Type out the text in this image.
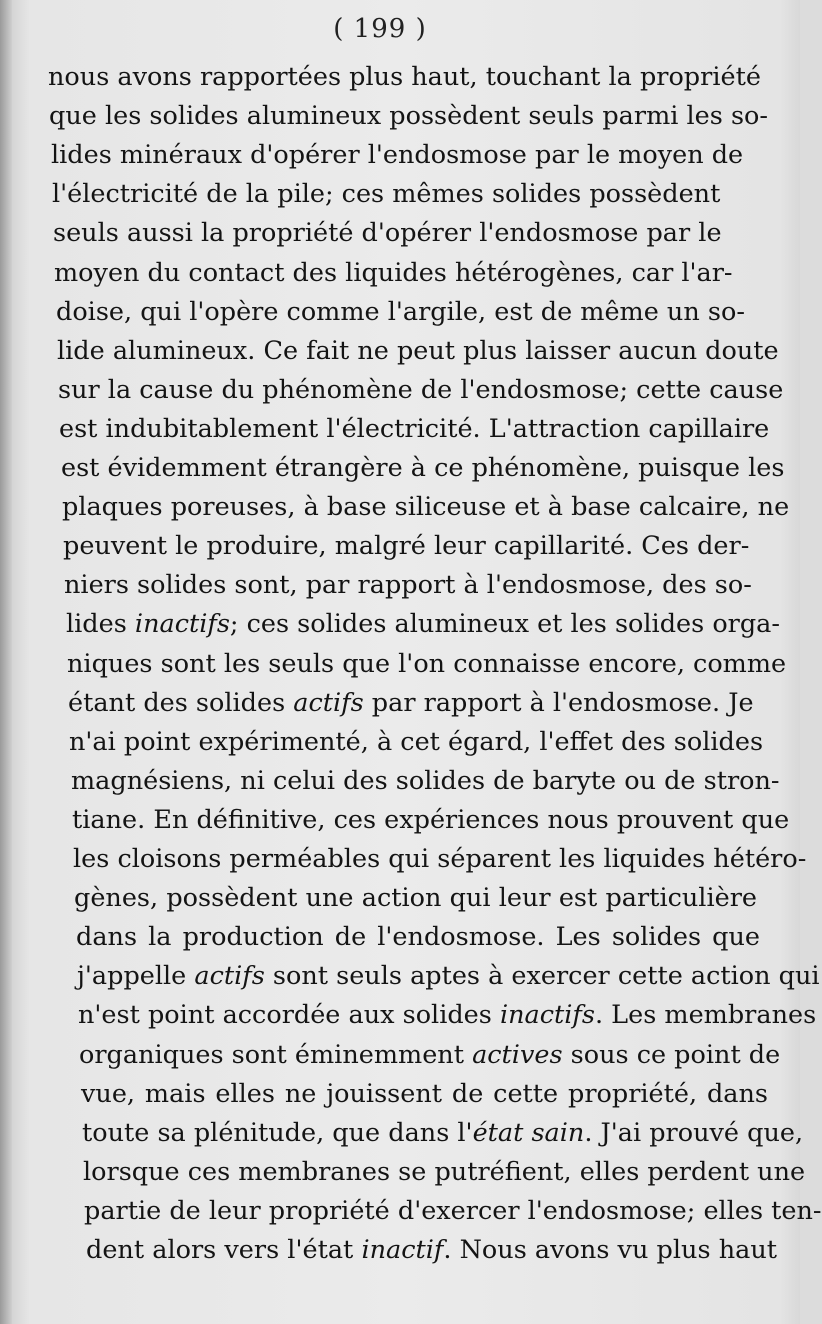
( 199 )
nous avons rapportées plus haut, touchant la propriété
que les solides alumineux possèdent seuls parmi les so-
lides minéraux d'opérer l'endosmose par le moyen de
l'électricité de la pile; ces mêmes solides possèdent
seuls aussi la propriété d'opérer l'endosmose par le
moyen du contact des liquides hétérogènes, car l'ar-
doise, qui l'opère comme l'argile, est de même un so-
lide alumineux. Ce fait ne peut plus laisser aucun doute
sur la cause du phénomène de l'endosmose; cette cause
est indubitablement l'électricité. L'attraction capillaire
est évidemment étrangère à ce phénomène, puisque les
plaques poreuses, à base siliceuse et à base calcaire, ne
peuvent le produire, malgré leur capillarité. Ces der-
niers solides sont, par rapport à l'endosmose, des so-
lides inactifs; ces solides alumineux et les solides orga-
niques sont les seuls que l'on connaisse encore, comme
étant des solides actifs par rapport à l'endosmose. Je
n'ai point expérimenté, à cet égard, l'effet des solides
magnésiens, ni celui des solides de baryte ou de stron-
tiane. En définitive, ces expériences nous prouvent que
les cloisons perméables qui séparent les liquides hétéro-
gènes, possèdent une action qui leur est particulière
dans la production de l'endosmose. Les solides que
j'appelle actifs sont seuls aptes à exercer cette action qui
n'est point accordée aux solides inactifs. Les membranes
organiques sont éminemment actives sous ce point de
vue, mais elles ne jouissent de cette propriété, dans
toute sa plénitude, que dans l'état sain. J'ai prouvé que,
lorsque ces membranes se putréfient, elles perdent une
partie de leur propriété d'exercer l'endosmose; elles ten-
dent alors vers l'état inactif. Nous avons vu plus haut
